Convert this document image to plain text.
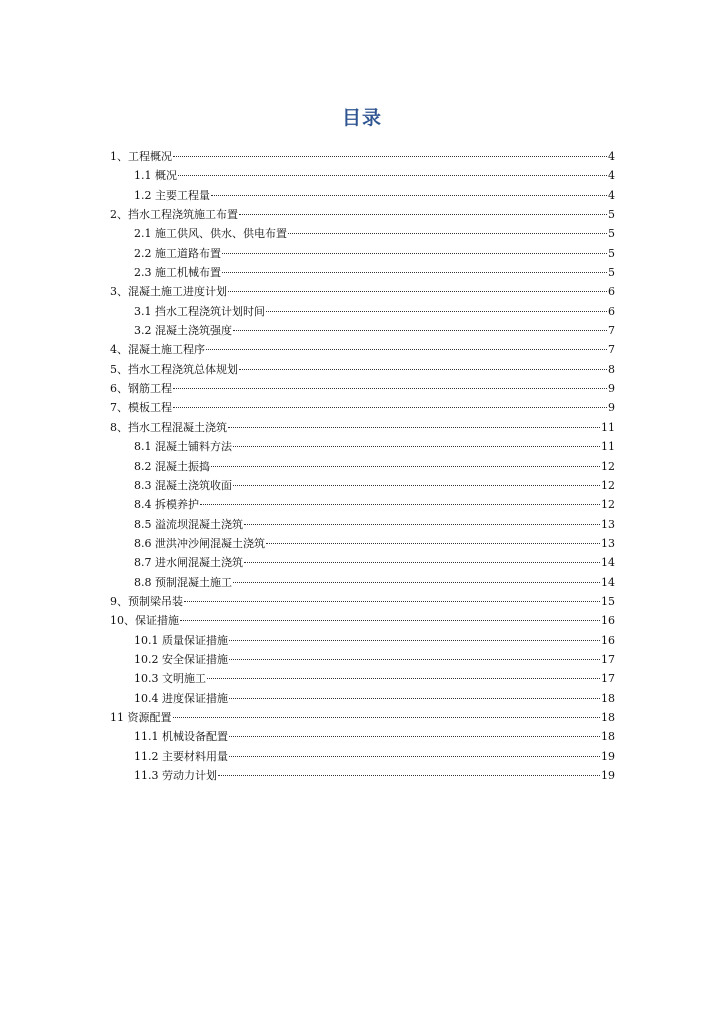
目录
1、工程概况	4
1.1 概况	4
1.2 主要工程量	4
2、挡水工程浇筑施工布置	5
2.1 施工供风、供水、供电布置	5
2.2 施工道路布置	5
2.3 施工机械布置	5
3、混凝土施工进度计划	6
3.1 挡水工程浇筑计划时间	6
3.2 混凝土浇筑强度	7
4、混凝土施工程序	7
5、挡水工程浇筑总体规划	8
6、钢筋工程	9
7、模板工程	9
8、挡水工程混凝土浇筑	11
8.1 混凝土铺料方法	11
8.2 混凝土振捣	12
8.3 混凝土浇筑收面	12
8.4 拆模养护	12
8.5 溢流坝混凝土浇筑	13
8.6 泄洪冲沙闸混凝土浇筑	13
8.7 进水闸混凝土浇筑	14
8.8 预制混凝土施工	14
9、预制梁吊装	15
10、保证措施	16
10.1 质量保证措施	16
10.2 安全保证措施	17
10.3 文明施工	17
10.4 进度保证措施	18
11 资源配置	18
11.1 机械设备配置	18
11.2 主要材料用量	19
11.3 劳动力计划	19
